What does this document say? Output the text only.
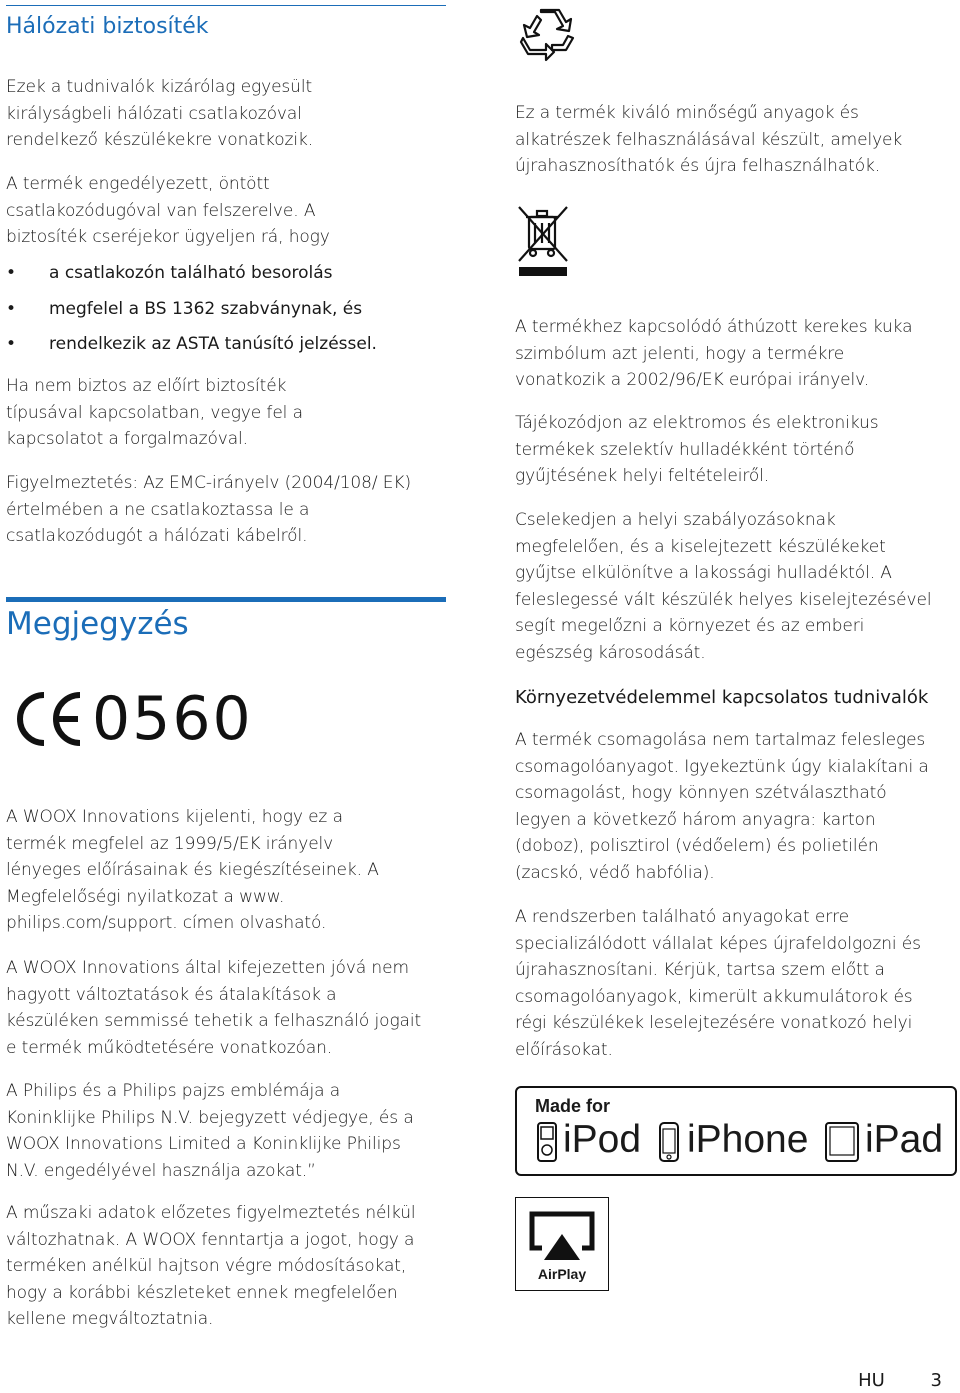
Hálózati biztosíték

Ezek a tudnivalók kizárólag egyesült királyságbeli hálózati csatlakozóval rendelkező készülékekre vonatkozik.

A termék engedélyezett, öntött csatlakozódugóval van felszerelve. A biztosíték cseréjekor ügyeljen rá, hogy

• a csatlakozón található besorolás
• megfelel a BS 1362 szabványnak, és
• rendelkezik az ASTA tanúsító jelzéssel.

Ha nem biztos az előírt biztosíték típusával kapcsolatban, vegye fel a kapcsolatot a forgalmazóval.

Figyelmeztetés: Az EMC-irányelv (2004/108/ EK) értelmében a ne csatlakoztassa le a csatlakozódugót a hálózati kábelről.

Megjegyzés
0560

A WOOX Innovations kijelenti, hogy ez a termék megfelel az 1999/5/EK irányelv lényeges előírásainak és kiegészítéseinek. A Megfelelőségi nyilatkozat a www. philips.com/support. címen olvasható.

A WOOX Innovations által kifejezetten jóvá nem hagyott változtatások és átalakítások a készüléken semmissé tehetik a felhasználó jogait e termék működtetésére vonatkozóan.

A Philips és a Philips pajzs emblémája a Koninklijke Philips N.V. bejegyzett védjegye, és a WOOX Innovations Limited a Koninklijke Philips N.V. engedélyével használja azokat.”

A műszaki adatok előzetes figyelmeztetés nélkül változhatnak. A WOOX fenntartja a jogot, hogy a terméken anélkül hajtson végre módosításokat, hogy a korábbi készleteket ennek megfelelően kellene megváltoztatnia.

Ez a termék kiváló minőségű anyagok és alkatrészek felhasználásával készült, amelyek újrahasznosíthatók és újra felhasználhatók.

A termékhez kapcsolódó áthúzott kerekes kuka szimbólum azt jelenti, hogy a termékre vonatkozik a 2002/96/EK európai irányelv.

Tájékozódjon az elektromos és elektronikus termékek szelektív hulladékként történő gyűjtésének helyi feltételeiről.

Cselekedjen a helyi szabályozásoknak megfelelően, és a kiselejtezett készülékeket gyűjtse elkülönítve a lakossági hulladéktól. A feleslegessé vált készülék helyes kiselejtezésével segít megelőzni a környezet és az emberi egészség károsodását.

Környezetvédelemmel kapcsolatos tudnivalók

A termék csomagolása nem tartalmaz felesleges csomagolóanyagot. Igyekeztünk úgy kialakítani a csomagolást, hogy könnyen szétválasztható legyen a következő három anyagra: karton (doboz), polisztirol (védőelem) és polietilén (zacskó, védő habfólia).

A rendszerben található anyagokat erre specializálódott vállalat képes újrafeldolgozni és újrahasznosítani. Kérjük, tartsa szem előtt a csomagolóanyagok, kimerült akkumulátorok és régi készülékek leselejtezésére vonatkozó helyi előírásokat.

Made for
iPod iPhone iPad
AirPlay
HU	3
